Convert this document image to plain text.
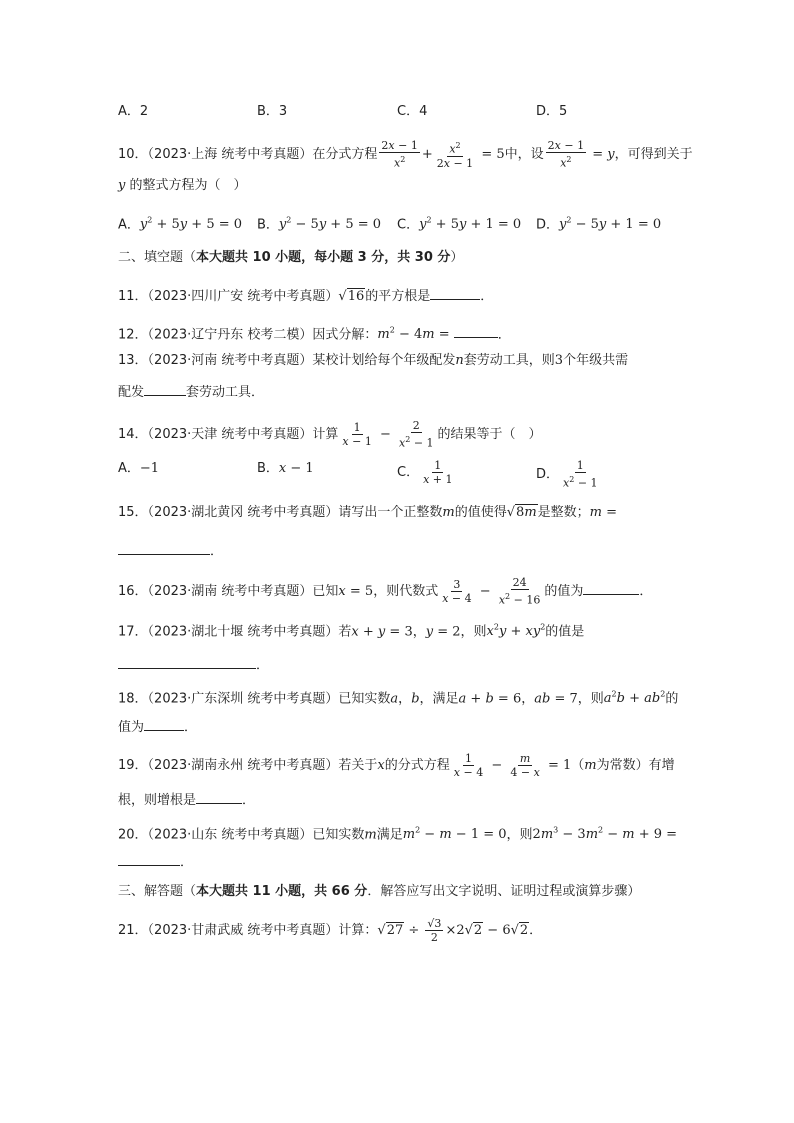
A．2	B．3	C．4	D．5
10．（2023·上海 统考中考真题）在分式方程 $\frac{2x - 1}{x^2} + \frac{x^2}{2x - 1} = 5$中，设 $\frac{2x - 1}{x^2} = y$，可得到关于
y 的整式方程为（　）
A．$y^2 + 5y + 5 = 0$ B．$y^2 - 5y + 5 = 0$ C．$y^2 + 5y + 1 = 0$ D．$y^2 - 5y + 1 = 0$
二、填空题（本大题共 10 小题，每小题 3 分，共 30 分）
11．（2023·四川广安 统考中考真题）√16的平方根是	．
12．（2023·辽宁丹东 校考二模）因式分解：$m^2 - 4m$ =	．
13．（2023·河南 统考中考真题）某校计划给每个年级配发n套劳动工具，则3个年级共需
配发	套劳动工具．
14．（2023·天津 统考中考真题）计算 $\frac{1}{x - 1} - \frac{2}{x^2 - 1}$ 的结果等于（　）
A．−1	B．x − 1	C． $\frac{1}{x + 1}$	D． $\frac{1}{x^2 - 1}$
15．（2023·湖北黄冈 统考中考真题）请写出一个正整数m的值使得√8m是整数；m =
．
16．（2023·湖南 统考中考真题）已知x = 5，则代数式 $\frac{3}{x - 4} - \frac{24}{x^2 - 16}$ 的值为	．
17．（2023·湖北十堰 统考中考真题）若x + y = 3，y = 2，则$x^2y + xy^2$的值是
．
18．（2023·广东深圳 统考中考真题）已知实数a，b，满足a + b = 6，ab = 7，则$a^2b + ab^2$的
值为	．
19．（2023·湖南永州 统考中考真题）若关于x的分式方程 $\frac{1}{x - 4} - \frac{m}{4 - x} = 1(m$为常数）有增
根，则增根是	．
20．（2023·山东 统考中考真题）已知实数m满足$m^2 - m - 1 = 0$，则$2m^3 - 3m^2 - m + 9$ =
．
三、解答题（本大题共 11 小题，共 66 分．解答应写出文字说明、证明过程或演算步骤）
21．（2023·甘肃武威 统考中考真题）计算：$√27 \div \frac{√3}{2} \times 2√2 - 6√2$．
